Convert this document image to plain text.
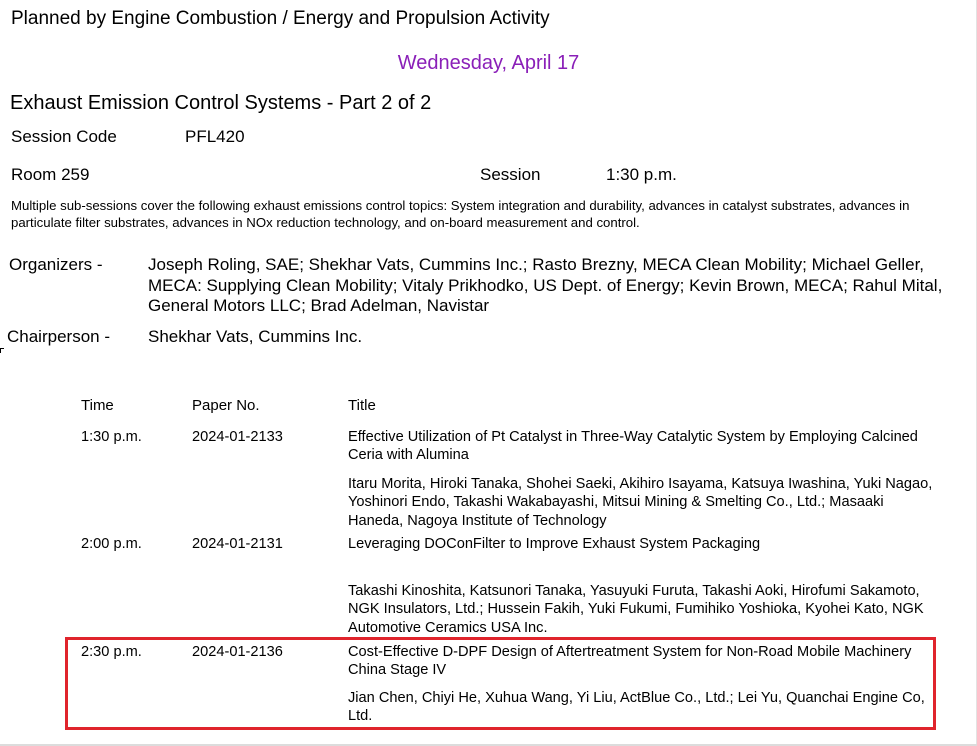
Planned by Engine Combustion / Energy and Propulsion Activity
Wednesday, April 17
Exhaust Emission Control Systems - Part 2 of 2
Session Code	PFL420
Room 259	Session	1:30 p.m.
Multiple sub-sessions cover the following exhaust emissions control topics: System integration and durability, advances in catalyst substrates, advances in particulate filter substrates, advances in NOx reduction technology, and on-board measurement and control.
Organizers -	Joseph Roling, SAE; Shekhar Vats, Cummins Inc.; Rasto Brezny, MECA Clean Mobility; Michael Geller, MECA: Supplying Clean Mobility; Vitaly Prikhodko, US Dept. of Energy; Kevin Brown, MECA; Rahul Mital, General Motors LLC; Brad Adelman, Navistar
Chairperson - Shekhar Vats, Cummins Inc.
Time	Paper No.	Title
1:30 p.m.	2024-01-2133	Effective Utilization of Pt Catalyst in Three-Way Catalytic System by Employing Calcined Ceria with Alumina
Itaru Morita, Hiroki Tanaka, Shohei Saeki, Akihiro Isayama, Katsuya Iwashina, Yuki Nagao, Yoshinori Endo, Takashi Wakabayashi, Mitsui Mining & Smelting Co., Ltd.; Masaaki Haneda, Nagoya Institute of Technology
2:00 p.m.	2024-01-2131	Leveraging DOConFilter to Improve Exhaust System Packaging
Takashi Kinoshita, Katsunori Tanaka, Yasuyuki Furuta, Takashi Aoki, Hirofumi Sakamoto, NGK Insulators, Ltd.; Hussein Fakih, Yuki Fukumi, Fumihiko Yoshioka, Kyohei Kato, NGK Automotive Ceramics USA Inc.
2:30 p.m.	2024-01-2136	Cost-Effective D-DPF Design of Aftertreatment System for Non-Road Mobile Machinery China Stage IV
Jian Chen, Chiyi He, Xuhua Wang, Yi Liu, ActBlue Co., Ltd.; Lei Yu, Quanchai Engine Co, Ltd.
